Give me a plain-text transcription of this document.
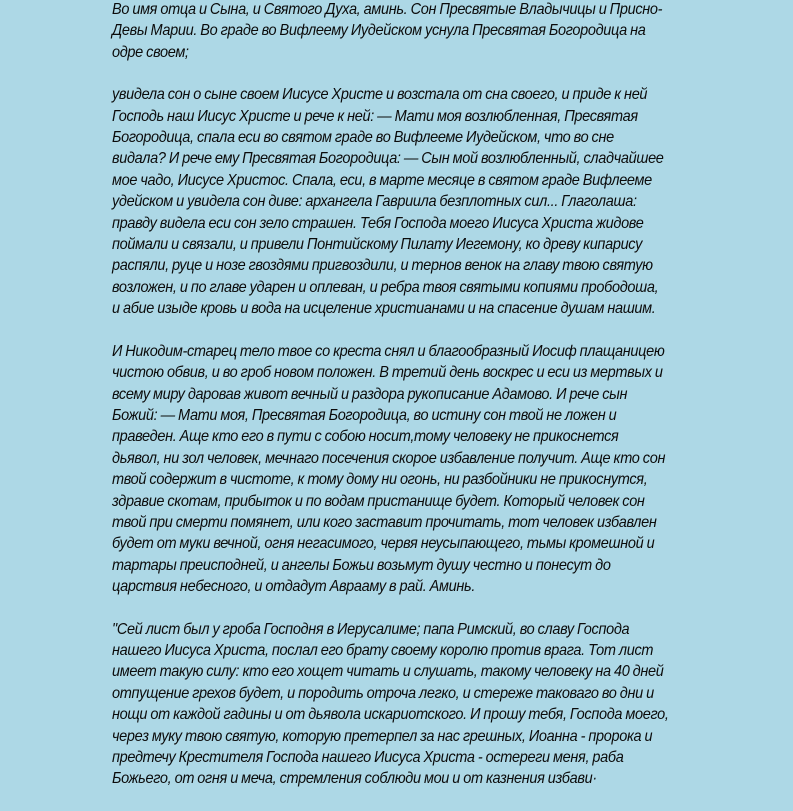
Во имя отца и Сына, и Святого Духа, аминь. Сон Пресвятые Владычицы и Присно-
Девы Марии. Во граде во Вифлеему Иудейском уснула Пресвятая Богородица на
одре своем;

увидела сон о сыне своем Иисусе Христе и возстала от сна своего, и приде к ней
Господь наш Иисус Христе и рече к ней: — Мати моя возлюбленная, Пресвятая
Богородица, спала еси во святом граде во Вифлееме Иудейском, что во сне
видала? И рече ему Пресвятая Богородица: — Сын мой возлюбленный, сладчайшее
мое чадо, Иисусе Христос. Спала, еси, в марте месяце в святом граде Вифлееме
удейском и увидела сон диве: архангела Гавриила безплотных сил... Глаголаша:
правду видела еси сон зело страшен. Тебя Господа моего Иисуса Христа жидове
поймали и связали, и привели Понтийскому Пилату Иегемону, ко древу кипарису
распяли, руце и нозе гвоздями пригвоздили, и тернов венок на главу твою святую
возложен, и по главе ударен и оплеван, и ребра твоя святыми копиями прободоша,
и абие изыде кровь и вода на исцеление христианами и на спасение душам нашим.

И Никодим-старец тело твое со креста снял и благообразный Иосиф плащаницею
чистою обвив, и во гроб новом положен. В третий день воскрес и еси из мертвых и
всему миру даровав живот вечный и раздора рукописание Адамово. И рече сын
Божий: — Мати моя, Пресвятая Богородица, во истину сон твой не ложен и
праведен. Аще кто его в пути с собою носит,тому человеку не прикоснется
дьявол, ни зол человек, мечнаго посечения скорое избавление получит. Аще кто сон
твой содержит в чистоте, к тому дому ни огонь, ни разбойники не прикоснутся,
здравие скотам, прибыток и по водам пристанище будет. Который человек сон
твой при смерти помянет, или кого заставит прочитать, тот человек избавлен
будет от муки вечной, огня негасимого, червя неусыпающего, тьмы кромешной и
тартары преисподней, и ангелы Божьи возьмут душу честно и понесут до
царствия небесного, и отдадут Аврааму в рай. Аминь.

"Сей лист был у гроба Господня в Иерусалиме; папа Римский, во славу Господа
нашего Иисуса Христа, послал его брату своему королю против врага. Тот лист
имеет такую силу: кто его хощет читать и слушать, такому человеку на 40 дней
отпущение грехов будет, и породить отроча легко, и стереже таковаго во дни и
нощи от каждой гадины и от дьявола искариотского. И прошу тебя, Господа моего,
через муку твою святую, которую претерпел за нас грешных, Иоанна - пророка и
предтечу Крестителя Господа нашего Иисуса Христа - остереги меня, раба
Божьего, от огня и меча, стремления соблюди мои и от казнения избави·
